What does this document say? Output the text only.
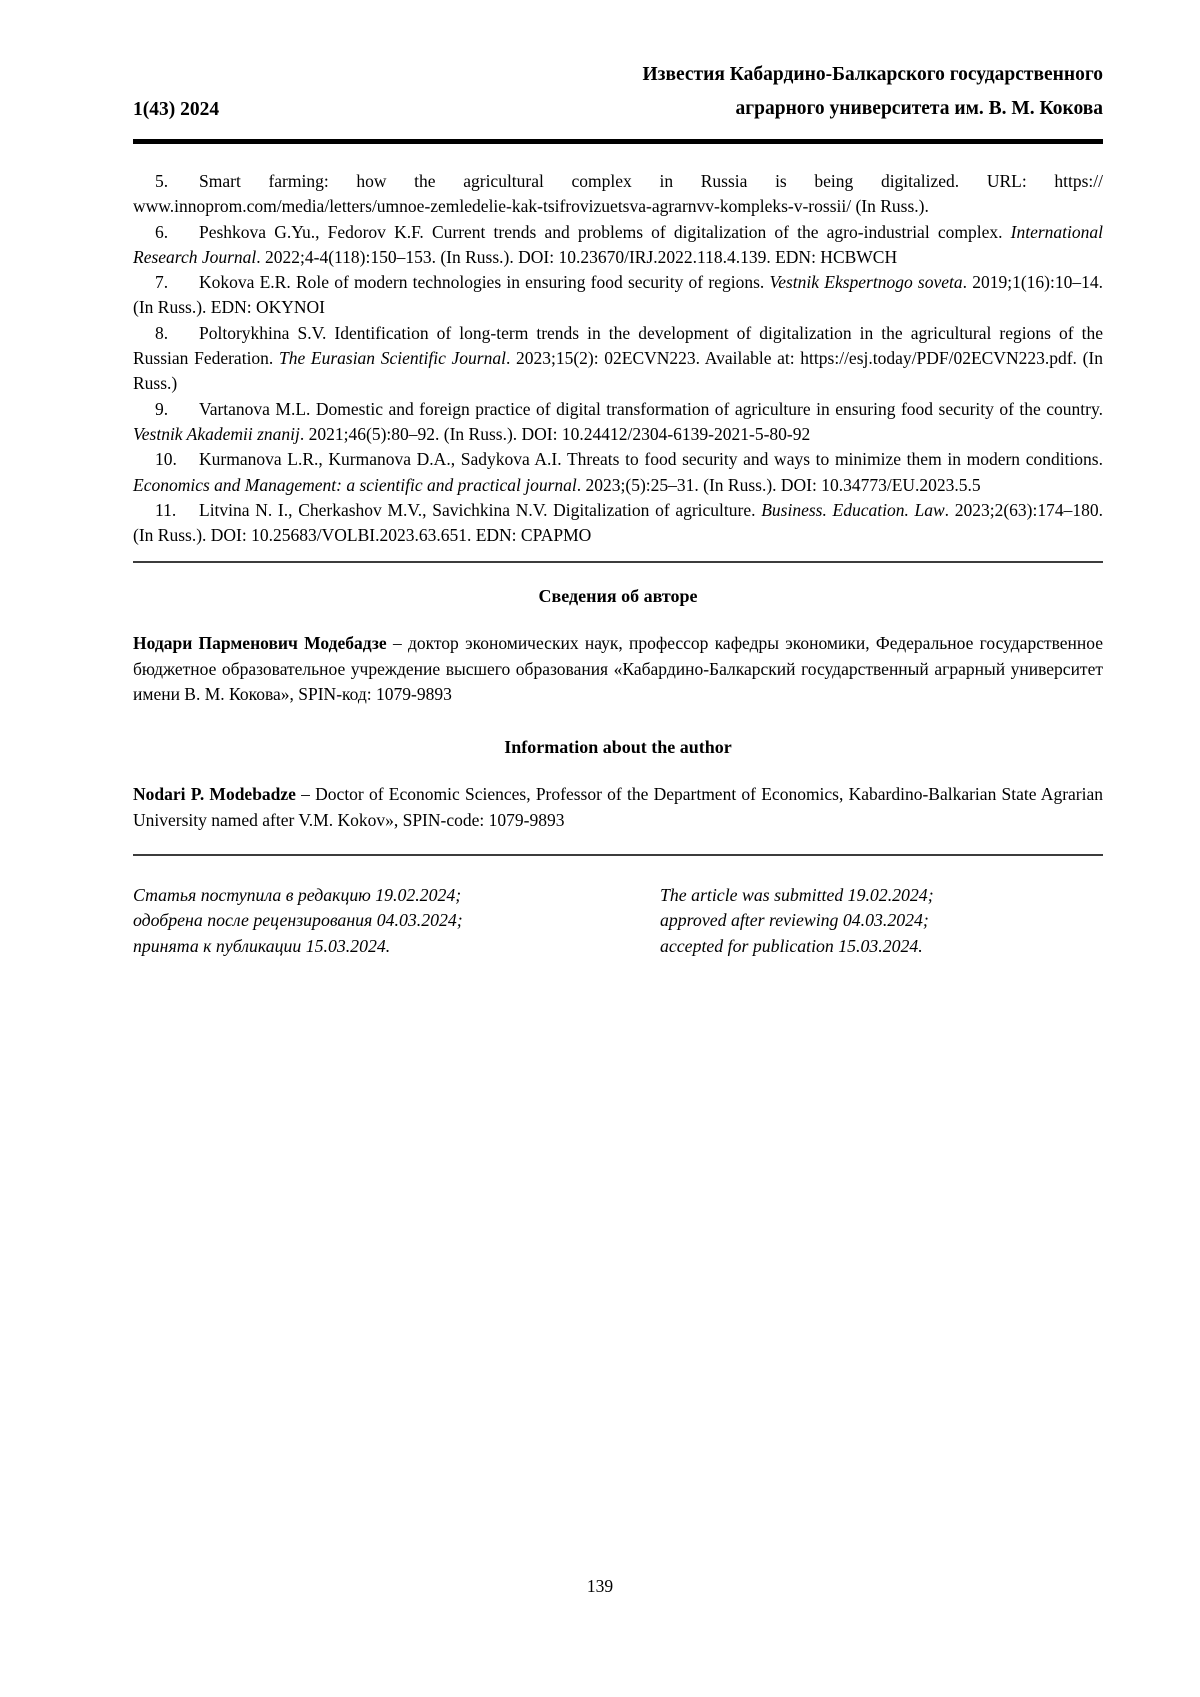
1(43) 2024
Известия Кабардино-Балкарского государственного
аграрного университета им. В. М. Кокова

5. Smart farming: how the agricultural complex in Russia is being digitalized. URL: https:// www.innoprom.com/media/letters/umnoe-zemledelie-kak-tsifrovizuetsva-agrarnvv-kompleks-v-rossii/ (In Russ.).

6. Peshkova G.Yu., Fedorov K.F. Current trends and problems of digitalization of the agro-industrial complex. International Research Journal. 2022;4-4(118):150–153. (In Russ.). DOI: 10.23670/IRJ.2022.118.4.139. EDN: HCBWCH

7. Kokova E.R. Role of modern technologies in ensuring food security of regions. Vestnik Ekspertnogo soveta. 2019;1(16):10–14. (In Russ.). EDN: OKYNOI

8. Poltorykhina S.V. Identification of long-term trends in the development of digitalization in the agricultural regions of the Russian Federation. The Eurasian Scientific Journal. 2023;15(2): 02ECVN223. Available at: https://esj.today/PDF/02ECVN223.pdf. (In Russ.)

9. Vartanova M.L. Domestic and foreign practice of digital transformation of agriculture in ensuring food security of the country. Vestnik Akademii znanij. 2021;46(5):80–92. (In Russ.). DOI: 10.24412/2304-6139-2021-5-80-92

10. Kurmanova L.R., Kurmanova D.A., Sadykova A.I. Threats to food security and ways to minimize them in modern conditions. Economics and Management: a scientific and practical journal. 2023;(5):25–31. (In Russ.). DOI: 10.34773/EU.2023.5.5

11. Litvina N. I., Cherkashov M.V., Savichkina N.V. Digitalization of agriculture. Business. Education. Law. 2023;2(63):174–180. (In Russ.). DOI: 10.25683/VOLBI.2023.63.651. EDN: CPAPMO

Сведения об авторе

Нодари Парменович Модебадзе – доктор экономических наук, профессор кафедры экономики, Федеральное государственное бюджетное образовательное учреждение высшего образования «Кабардино-Балкарский государственный аграрный университет имени В. М. Кокова», SPIN-код: 1079-9893

Information about the author

Nodari P. Modebadze – Doctor of Economic Sciences, Professor of the Department of Economics, Kabardino-Balkarian State Agrarian University named after V.M. Kokov», SPIN-code: 1079-9893

Статья поступила в редакцию 19.02.2024;
одобрена после рецензирования 04.03.2024;
принята к публикации 15.03.2024.
The article was submitted 19.02.2024;
approved after reviewing 04.03.2024;
accepted for publication 15.03.2024.
139
